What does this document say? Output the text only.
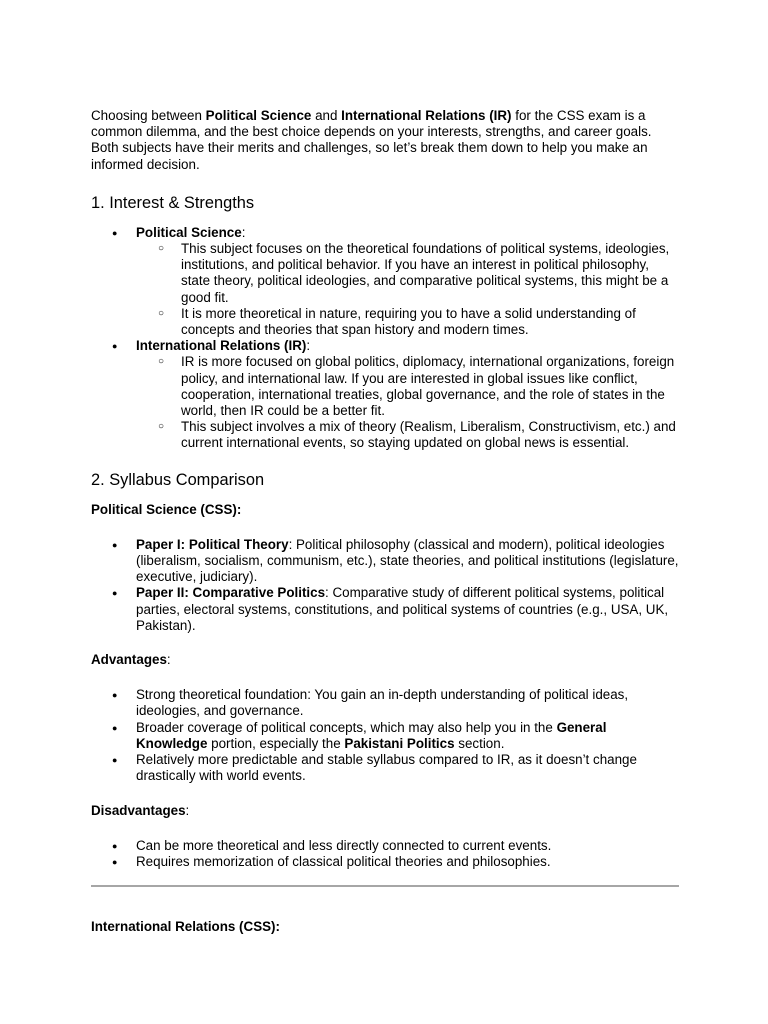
Choosing between Political Science and International Relations (IR) for the CSS exam is a common dilemma, and the best choice depends on your interests, strengths, and career goals. Both subjects have their merits and challenges, so let’s break them down to help you make an informed decision.

1. Interest & Strengths
● Political Science:
○ This subject focuses on the theoretical foundations of political systems, ideologies, institutions, and political behavior. If you have an interest in political philosophy, state theory, political ideologies, and comparative political systems, this might be a good fit.
○ It is more theoretical in nature, requiring you to have a solid understanding of concepts and theories that span history and modern times.
● International Relations (IR):
○ IR is more focused on global politics, diplomacy, international organizations, foreign policy, and international law. If you are interested in global issues like conflict, cooperation, international treaties, global governance, and the role of states in the world, then IR could be a better fit.
○ This subject involves a mix of theory (Realism, Liberalism, Constructivism, etc.) and current international events, so staying updated on global news is essential.
2. Syllabus Comparison

Political Science (CSS):

● Paper I: Political Theory: Political philosophy (classical and modern), political ideologies (liberalism, socialism, communism, etc.), state theories, and political institutions (legislature, executive, judiciary).
● Paper II: Comparative Politics: Comparative study of different political systems, political parties, electoral systems, constitutions, and political systems of countries (e.g., USA, UK, Pakistan).

Advantages:

● Strong theoretical foundation: You gain an in-depth understanding of political ideas, ideologies, and governance.
● Broader coverage of political concepts, which may also help you in the General Knowledge portion, especially the Pakistani Politics section.
● Relatively more predictable and stable syllabus compared to IR, as it doesn’t change drastically with world events.

Disadvantages:

● Can be more theoretical and less directly connected to current events.
● Requires memorization of classical political theories and philosophies.

International Relations (CSS):
